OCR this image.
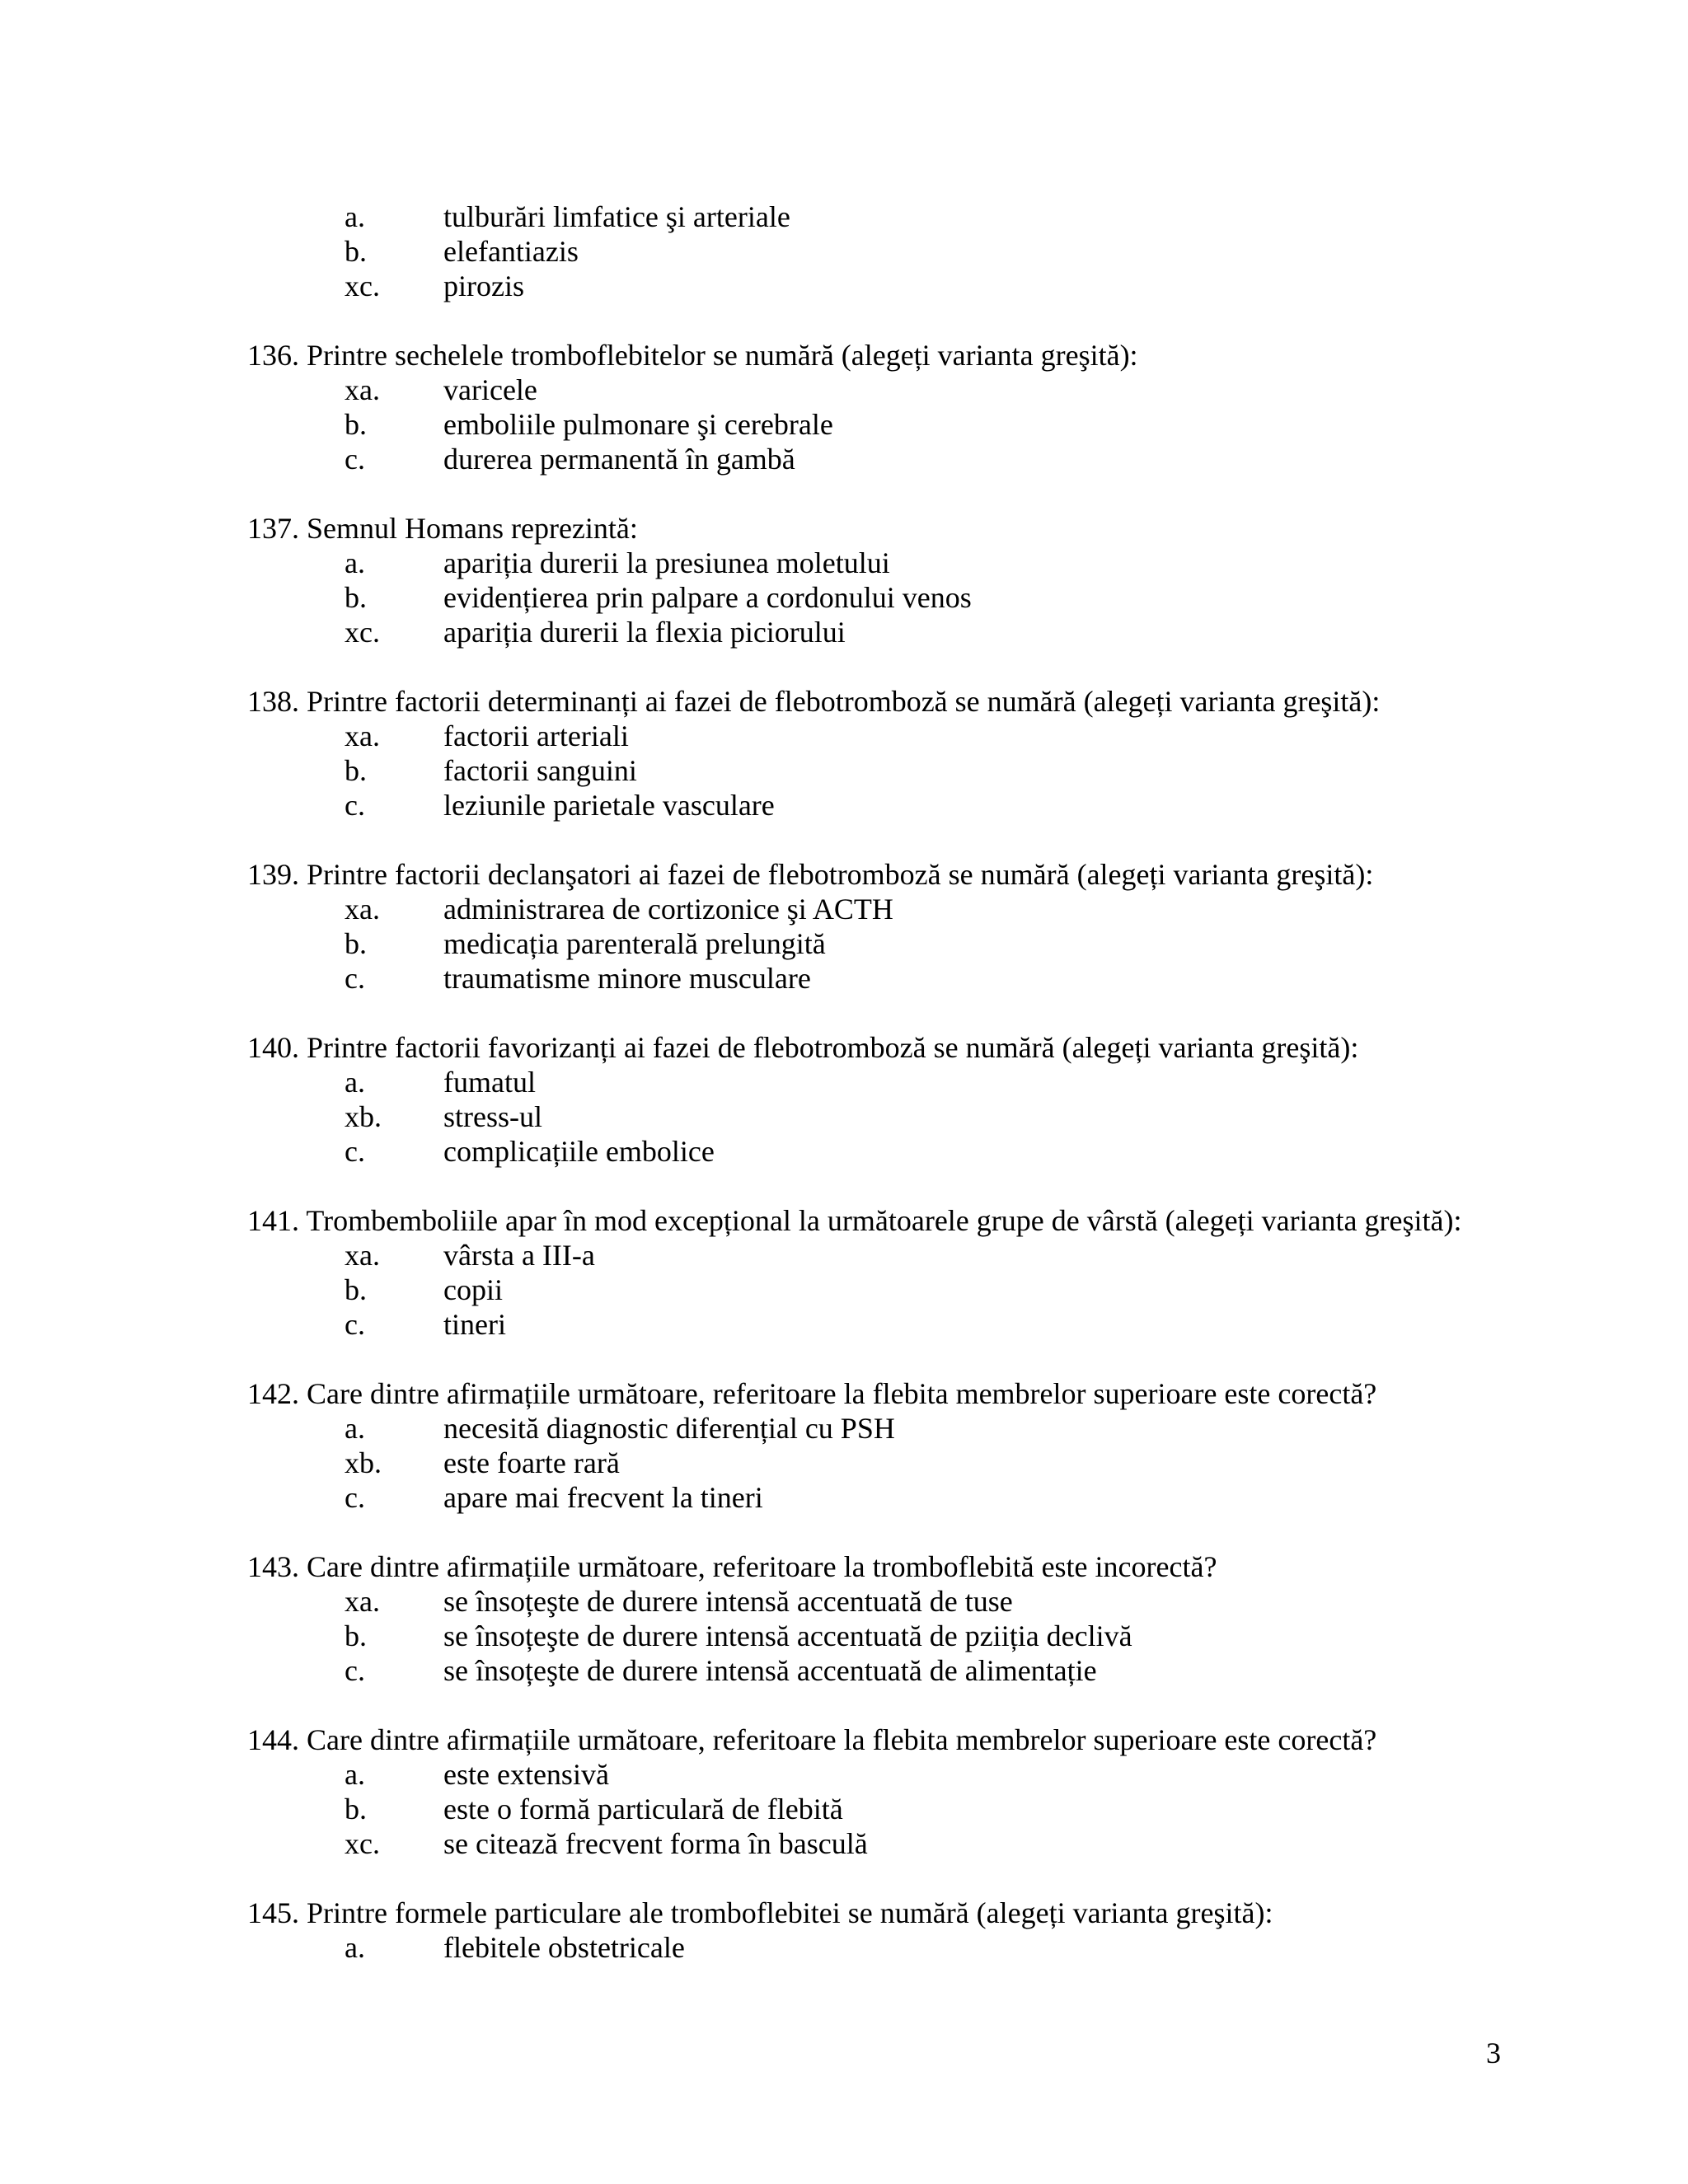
a.	tulburări limfatice şi arteriale
b.	elefantiazis
xc. pirozis
136. Printre sechelele tromboflebitelor se numără (alegeți varianta greşită):
xa. varicele
b.	emboliile pulmonare şi cerebrale
c.	durerea permanentă în gambă
137. Semnul Homans reprezintă:
a.	apariția durerii la presiunea moletului
b.	evidențierea prin palpare a cordonului venos
xc. apariția durerii la flexia piciorului
138. Printre factorii determinanți ai fazei de flebotromboză se numără (alegeți varianta greşită):
xa. factorii arteriali
b.	factorii sanguini
c.	leziunile parietale vasculare
139. Printre factorii declanşatori ai fazei de flebotromboză se numără (alegeți varianta greşită):
xa. administrarea de cortizonice şi ACTH
b.	medicația parenterală prelungită
c.	traumatisme minore musculare
140. Printre factorii favorizanți ai fazei de flebotromboză se numără (alegeți varianta greşită):
a.	fumatul
xb. stress-ul
c.	complicațiile embolice
141. Trombemboliile apar în mod excepțional la următoarele grupe de vârstă (alegeți varianta greşită):
xa. vârsta a III-a
b.	copii
c.	tineri
142. Care dintre afirmațiile următoare, referitoare la flebita membrelor superioare este corectă?
a.	necesită diagnostic diferențial cu PSH
xb. este foarte rară
c.	apare mai frecvent la tineri
143. Care dintre afirmațiile următoare, referitoare la tromboflebită este incorectă?
xa. se însoțeşte de durere intensă accentuată de tuse
b.	se însoțeşte de durere intensă accentuată de pziiția declivă
c.	se însoțeşte de durere intensă accentuată de alimentație
144. Care dintre afirmațiile următoare, referitoare la flebita membrelor superioare este corectă?
a.	este extensivă
b.	este o formă particulară de flebită
xc. se citează frecvent forma în basculă
145. Printre formele particulare ale tromboflebitei se numără (alegeți varianta greşită):
a.	flebitele obstetricale
3
